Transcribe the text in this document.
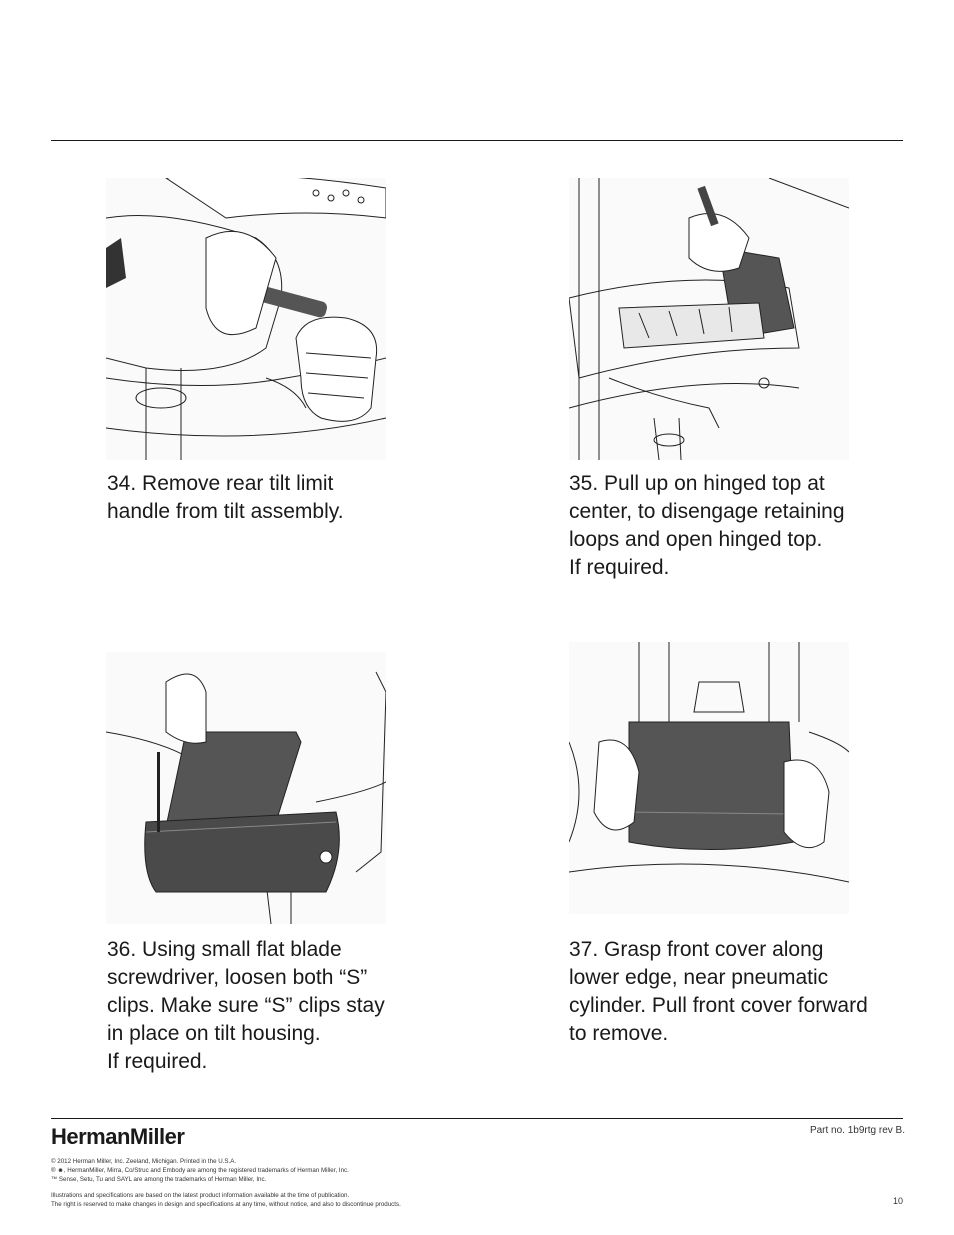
34. Remove rear tilt limit
handle from tilt assembly.
35. Pull up on hinged top at
center, to disengage retaining
loops and open hinged top.
If required.
36. Using small flat blade
screwdriver, loosen both “S”
clips. Make sure “S” clips stay
in place on tilt housing.
If required.
37. Grasp front cover along
lower edge, near pneumatic
cylinder. Pull front cover forward
to remove.
HermanMiller	Part no. 1b9rtg rev B.
© 2012 Herman Miller, Inc. Zeeland, Michigan. Printed in the U.S.A.
® ☻, HermanMiller, Mirra, Co/Struc and Embody are among the registered trademarks of Herman Miller, Inc.
™ Sense, Setu, Tu and SAYL are among the trademarks of Herman Miller, Inc.
Illustrations and specifications are based on the latest product information available at the time of publication.
The right is reserved to make changes in design and specifications at any time, without notice, and also to discontinue products.	10
